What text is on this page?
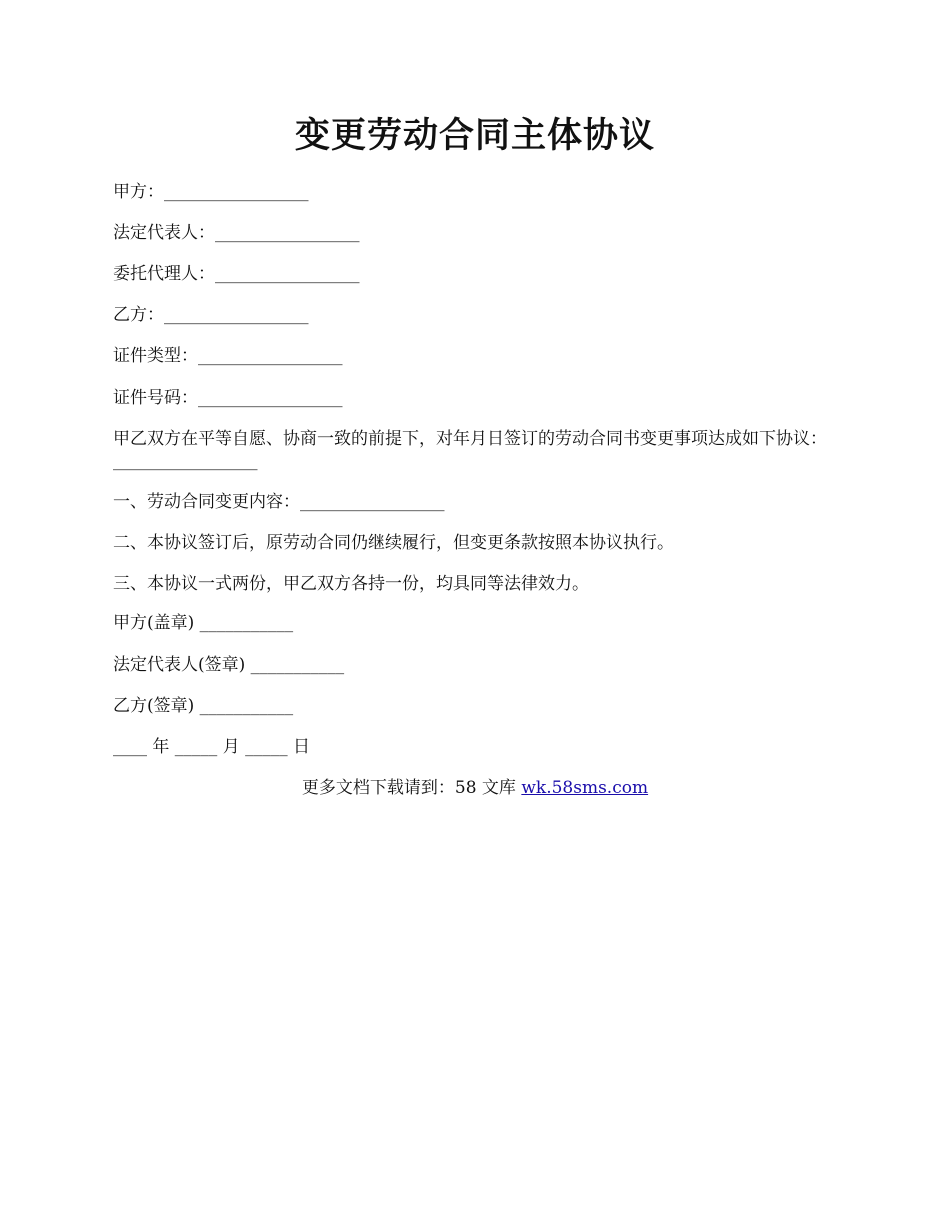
变更劳动合同主体协议
甲方：_________________
法定代表人：_________________
委托代理人：_________________
乙方：_________________
证件类型：_________________
证件号码：_________________
甲乙双方在平等自愿、协商一致的前提下，对年月日签订的劳动合同书变更事项达成如下协议：_________________
一、劳动合同变更内容：_________________
二、本协议签订后，原劳动合同仍继续履行，但变更条款按照本协议执行。
三、本协议一式两份，甲乙双方各持一份，均具同等法律效力。
甲方(盖章) ___________
法定代表人(签章) ___________
乙方(签章) ___________
____ 年 _____ 月 _____ 日
更多文档下载请到：58 文库 wk.58sms.com
